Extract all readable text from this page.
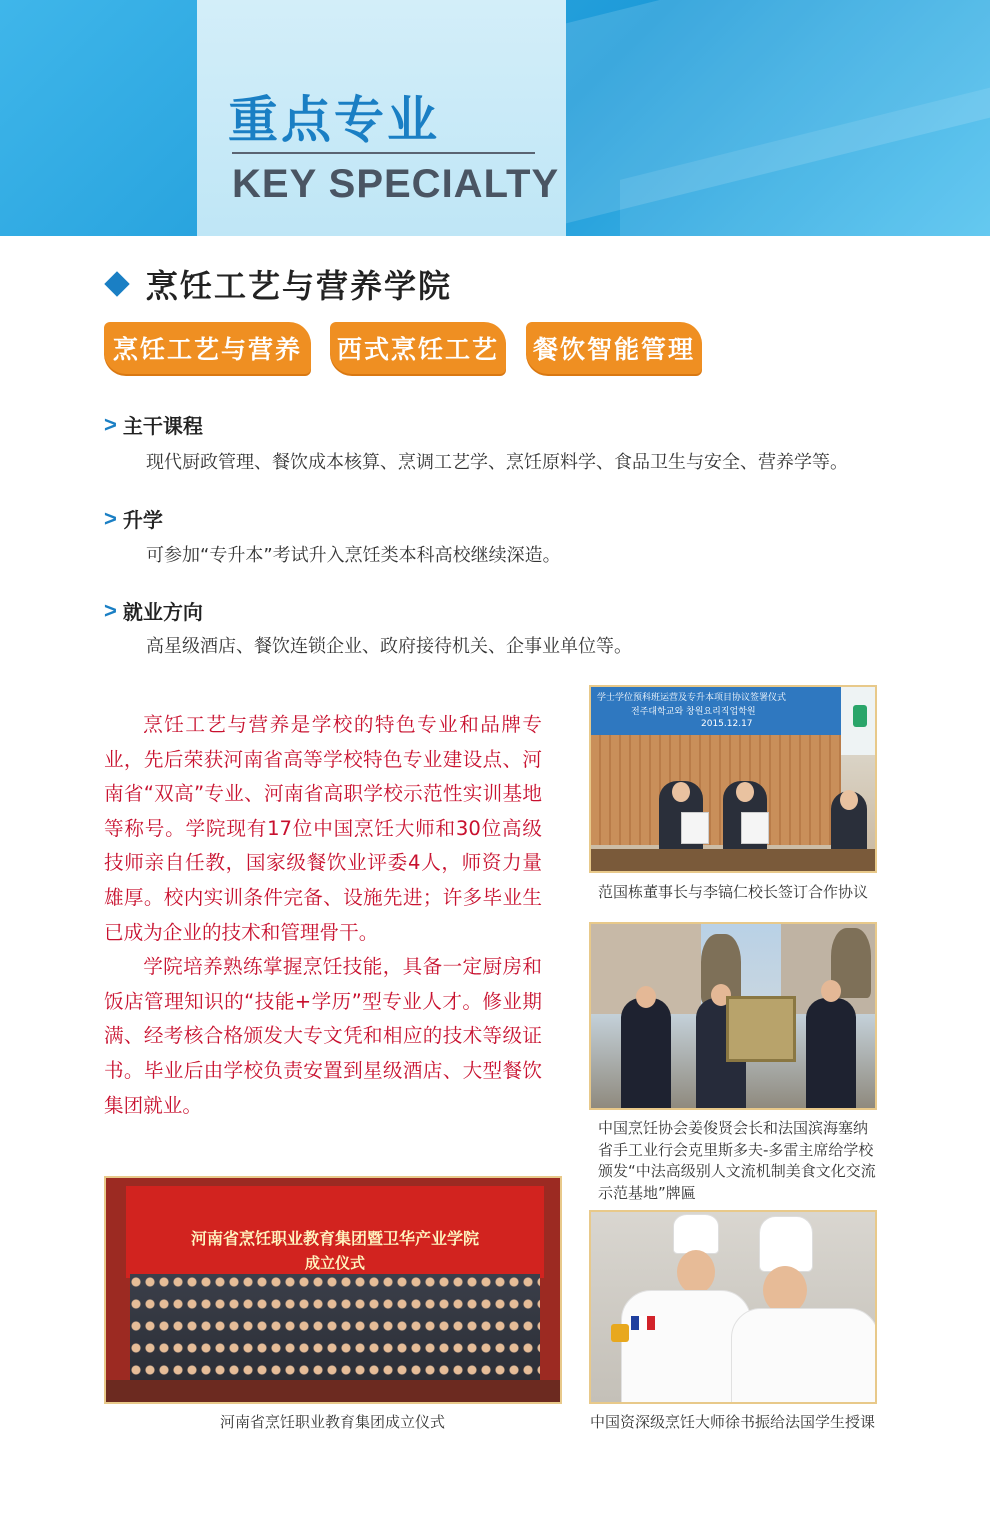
重点专业
KEY SPECIALTY
烹饪工艺与营养学院
烹饪工艺与营养	西式烹饪工艺 餐饮智能管理
> 主干课程
现代厨政管理、餐饮成本核算、烹调工艺学、烹饪原料学、食品卫生与安全、营养学等。
> 升学
可参加“专升本”考试升入烹饪类本科高校继续深造。
> 就业方向
高星级酒店、餐饮连锁企业、政府接待机关、企事业单位等。

烹饪工艺与营养是学校的特色专业和品牌专业，先后荣获河南省高等学校特色专业建设点、河南省“双高”专业、河南省高职学校示范性实训基地等称号。学院现有17位中国烹饪大师和30位高级技师亲自任教，国家级餐饮业评委4人，师资力量雄厚。校内实训条件完备、设施先进；许多毕业生已成为企业的技术和管理骨干。

学院培养熟练掌握烹饪技能，具备一定厨房和饭店管理知识的“技能+学历”型专业人才。修业期满、经考核合格颁发大专文凭和相应的技术等级证书。毕业后由学校负责安置到星级酒店、大型餐饮集团就业。

学士学位预科班运营及专升本项目协议签署仪式
전주대학교와 창원요리직업학원
2015.12.17
范国栋董事长与李镐仁校长签订合作协议
中国烹饪协会姜俊贤会长和法国滨海塞纳省手工业行会克里斯多夫-多雷主席给学校颁发“中法高级别人文流机制美食文化交流示范基地”牌匾
河南省烹饪职业教育集团暨卫华产业学院
成立仪式
河南省烹饪职业教育集团成立仪式	中国资深级烹饪大师徐书振给法国学生授课
